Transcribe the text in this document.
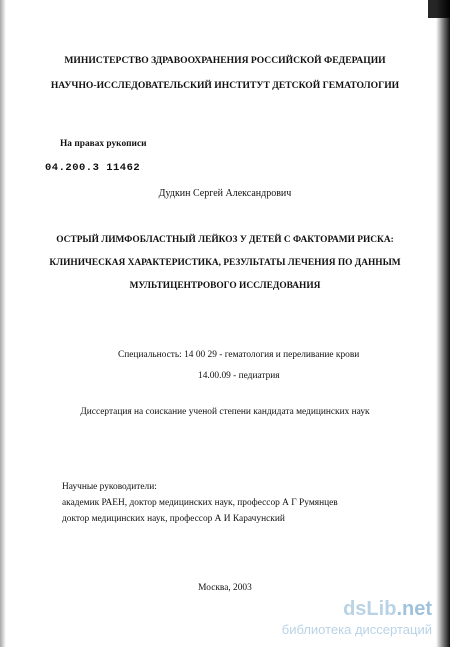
МИНИСТЕРСТВО ЗДРАВООХРАНЕНИЯ РОССИЙСКОЙ ФЕДЕРАЦИИ
НАУЧНО-ИССЛЕДОВАТЕЛЬСКИЙ ИНСТИТУТ ДЕТСКОЙ ГЕМАТОЛОГИИ
На правах рукописи
04.200.3 11462
Дудкин Сергей Александрович
ОСТРЫЙ ЛИМФОБЛАСТНЫЙ ЛЕЙКОЗ У ДЕТЕЙ С ФАКТОРАМИ РИСКА:
КЛИНИЧЕСКАЯ ХАРАКТЕРИСТИКА, РЕЗУЛЬТАТЫ ЛЕЧЕНИЯ ПО ДАННЫМ
МУЛЬТИЦЕНТРОВОГО ИССЛЕДОВАНИЯ
Специальность: 14 00 29 - гематология и переливание крови
14.00.09 - педиатрия
Диссертация на соискание ученой степени кандидата медицинских наук
Научные руководители:
академик РАЕН, доктор медицинских наук, профессор А Г Румянцев
доктор медицинских наук, профессор А И Карачунский
Москва, 2003
dsLib.net
библиотека диссертаций
